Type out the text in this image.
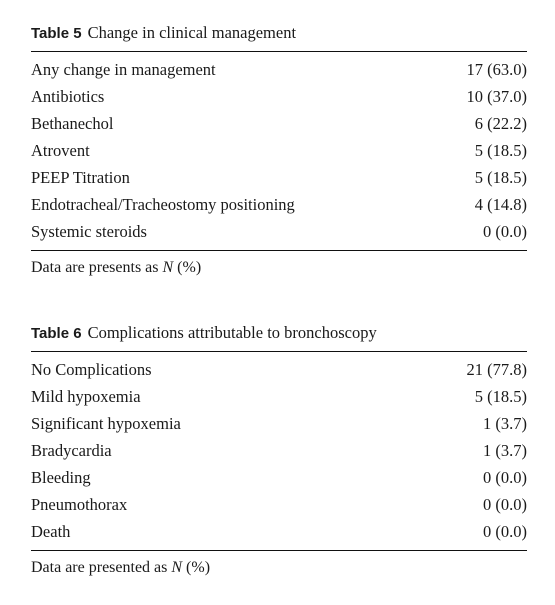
Table 5 Change in clinical management
Any change in management	17 (63.0)
Antibiotics	10 (37.0)
Bethanechol	6 (22.2)
Atrovent	5 (18.5)
PEEP Titration	5 (18.5)
Endotracheal/Tracheostomy positioning	4 (14.8)
Systemic steroids	0 (0.0)
Data are presents as N (%)
Table 6 Complications attributable to bronchoscopy
No Complications	21 (77.8)
Mild hypoxemia	5 (18.5)
Significant hypoxemia	1 (3.7)
Bradycardia	1 (3.7)
Bleeding	0 (0.0)
Pneumothorax	0 (0.0)
Death	0 (0.0)
Data are presented as N (%)
